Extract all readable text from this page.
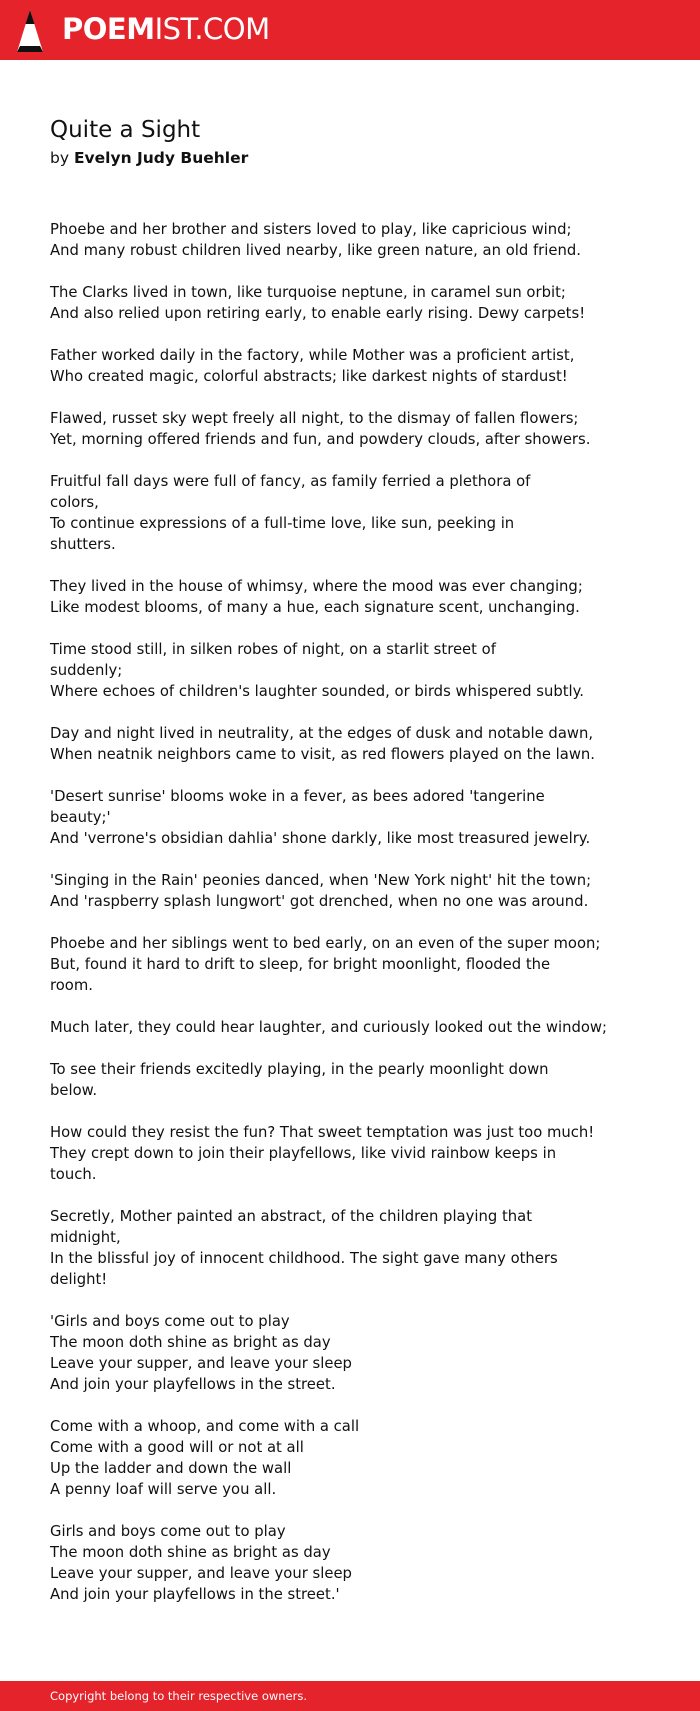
POEMIST.COM
Quite a Sight
by Evelyn Judy Buehler
Phoebe and her brother and sisters loved to play, like capricious wind;
And many robust children lived nearby, like green nature, an old friend.
The Clarks lived in town, like turquoise neptune, in caramel sun orbit;
And also relied upon retiring early, to enable early rising. Dewy carpets!
Father worked daily in the factory, while Mother was a proficient artist,
Who created magic, colorful abstracts; like darkest nights of stardust!
Flawed, russet sky wept freely all night, to the dismay of fallen flowers;
Yet, morning offered friends and fun, and powdery clouds, after showers.
Fruitful fall days were full of fancy, as family ferried a plethora of
colors,
To continue expressions of a full-time love, like sun, peeking in
shutters.
They lived in the house of whimsy, where the mood was ever changing;
Like modest blooms, of many a hue, each signature scent, unchanging.
Time stood still, in silken robes of night, on a starlit street of
suddenly;
Where echoes of children's laughter sounded, or birds whispered subtly.
Day and night lived in neutrality, at the edges of dusk and notable dawn,
When neatnik neighbors came to visit, as red flowers played on the lawn.
'Desert sunrise' blooms woke in a fever, as bees adored 'tangerine
beauty;'
And 'verrone's obsidian dahlia' shone darkly, like most treasured jewelry.
'Singing in the Rain' peonies danced, when 'New York night' hit the town;
And 'raspberry splash lungwort' got drenched, when no one was around.
Phoebe and her siblings went to bed early, on an even of the super moon;
But, found it hard to drift to sleep, for bright moonlight, flooded the
room.
Much later, they could hear laughter, and curiously looked out the window;
To see their friends excitedly playing, in the pearly moonlight down
below.
How could they resist the fun? That sweet temptation was just too much!
They crept down to join their playfellows, like vivid rainbow keeps in
touch.
Secretly, Mother painted an abstract, of the children playing that
midnight,
In the blissful joy of innocent childhood. The sight gave many others
delight!
'Girls and boys come out to play
The moon doth shine as bright as day
Leave your supper, and leave your sleep
And join your playfellows in the street.
Come with a whoop, and come with a call
Come with a good will or not at all
Up the ladder and down the wall
A penny loaf will serve you all.
Girls and boys come out to play
The moon doth shine as bright as day
Leave your supper, and leave your sleep
And join your playfellows in the street.'
Copyright belong to their respective owners.
